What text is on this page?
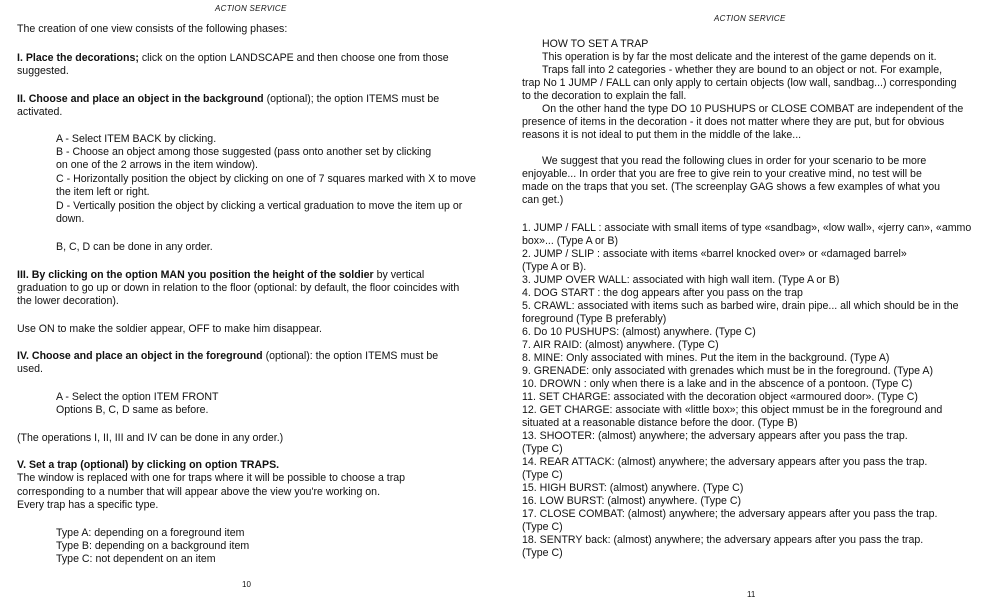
ACTION SERVICE
The creation of one view consists of the following phases:
I. Place the decorations; click on the option LANDSCAPE and then choose one from those
suggested.
II. Choose and place an object in the background (optional); the option ITEMS must be
activated.
A - Select ITEM BACK by clicking.
B - Choose an object among those suggested (pass onto another set by clicking
on one of the 2 arrows in the item window).
C - Horizontally position the object by clicking on one of 7 squares marked with X to move
the item left or right.
D - Vertically position the object by clicking a vertical graduation to move the item up or
down.
B, C, D can be done in any order.
III. By clicking on the option MAN you position the height of the soldier by vertical
graduation to go up or down in relation to the floor (optional: by default, the floor coincides with
the lower decoration).
Use ON to make the soldier appear, OFF to make him disappear.
IV. Choose and place an object in the foreground (optional): the option ITEMS must be
used.
A - Select the option ITEM FRONT
Options B, C, D same as before.
(The operations I, II, III and IV can be done in any order.)
V. Set a trap (optional) by clicking on option TRAPS.
The window is replaced with one for traps where it will be possible to choose a trap
corresponding to a number that will appear above the view you're working on.
Every trap has a specific type.
Type A: depending on a foreground item
Type B: depending on a background item
Type C: not dependent on an item
10
ACTION SERVICE
HOW TO SET A TRAP
This operation is by far the most delicate and the interest of the game depends on it.
Traps fall into 2 categories - whether they are bound to an object or not. For example,
trap No 1 JUMP / FALL can only apply to certain objects (low wall, sandbag...) corresponding
to the decoration to explain the fall.
On the other hand the type DO 10 PUSHUPS or CLOSE COMBAT are independent of the
presence of items in the decoration - it does not matter where they are put, but for obvious
reasons it is not ideal to put them in the middle of the lake...
We suggest that you read the following clues in order for your scenario to be more
enjoyable... In order that you are free to give rein to your creative mind, no test will be
made on the traps that you set. (The screenplay GAG shows a few examples of what you
can get.)
1. JUMP / FALL : associate with small items of type «sandbag», «low wall», «jerry can», «ammo
box»... (Type A or B)
2. JUMP / SLIP : associate with items «barrel knocked over» or «damaged barrel»
(Type A or B).
3. JUMP OVER WALL: associated with high wall item. (Type A or B)
4. DOG START : the dog appears after you pass on the trap
5. CRAWL: associated with items such as barbed wire, drain pipe... all which should be in the
foreground (Type B preferably)
6. Do 10 PUSHUPS: (almost) anywhere. (Type C)
7. AIR RAID: (almost) anywhere. (Type C)
8. MINE: Only associated with mines. Put the item in the background. (Type A)
9. GRENADE: only associated with grenades which must be in the foreground. (Type A)
10. DROWN : only when there is a lake and in the abscence of a pontoon. (Type C)
11. SET CHARGE: associated with the decoration object «armoured door». (Type C)
12. GET CHARGE: associate with «little box»; this object mmust be in the foreground and
situated at a reasonable distance before the door. (Type B)
13. SHOOTER: (almost) anywhere; the adversary appears after you pass the trap.
(Type C)
14. REAR ATTACK: (almost) anywhere; the adversary appears after you pass the trap.
(Type C)
15. HIGH BURST: (almost) anywhere. (Type C)
16. LOW BURST: (almost) anywhere. (Type C)
17. CLOSE COMBAT: (almost) anywhere; the adversary appears after you pass the trap.
(Type C)
18. SENTRY back: (almost) anywhere; the adversary appears after you pass the trap.
(Type C)
11
